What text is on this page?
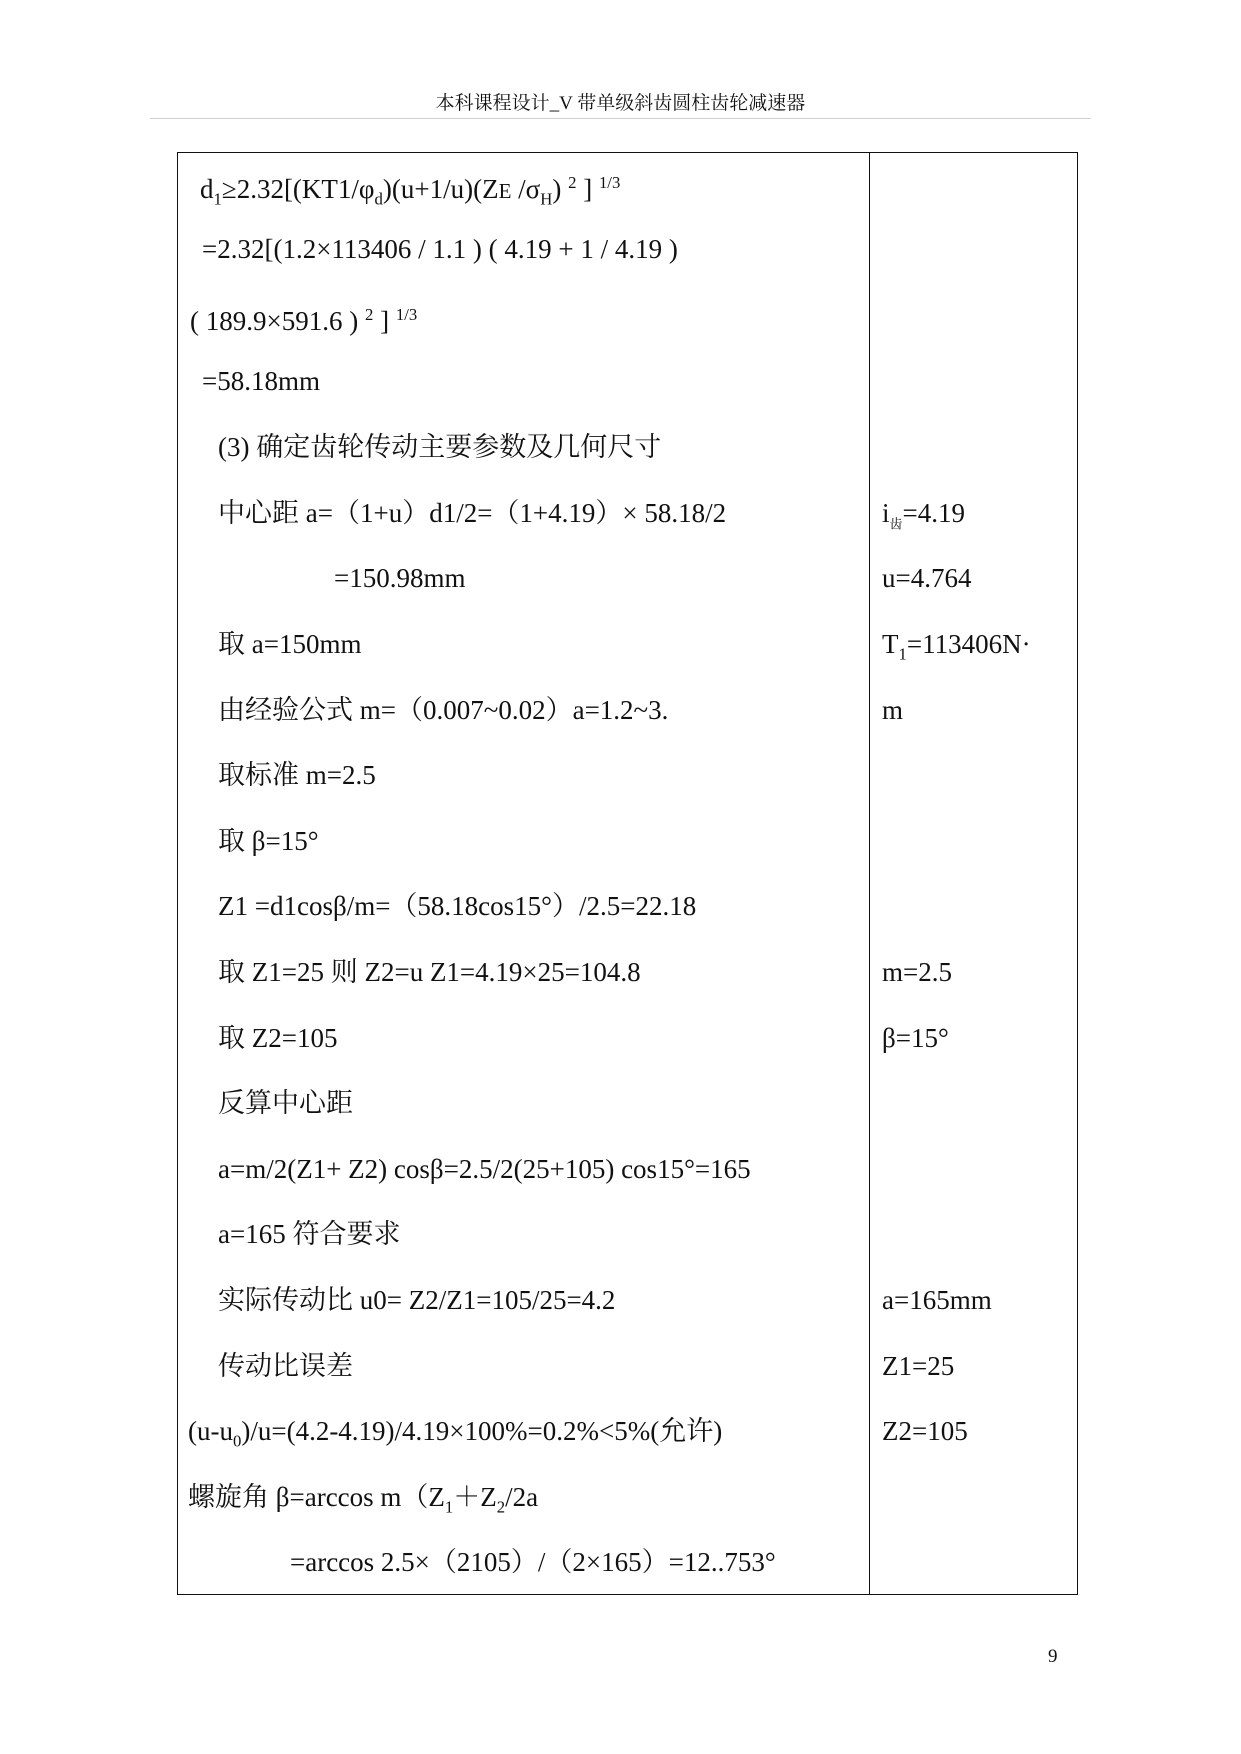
本科课程设计_V 带单级斜齿圆柱齿轮减速器
$d_1\ge 2.32[(KT1/\varphi_d)(u+1/u)(ZE$ $/\sigma_H$) $^2$ ] $^{1/3}$
=2.32[(1.2×113406 / 1.1 ) ( 4.19 + 1 / 4.19 )
( 189.9×591.6 ) $^2$ ] $^{1/3}$
=58.18mm
(3) 确定齿轮传动主要参数及几何尺寸
中心距 a=（1+u）d1/2=（1+4.19）× 58.18/2
=150.98mm
取 a=150mm
由经验公式 m=（0.007~0.02）a=1.2~3.
取标准 m=2.5
取 β=15°
Z1 =d1cosβ/m=（58.18cos15°）/2.5=22.18
取 Z1=25 则 Z2=u Z1=4.19×25=104.8
取 Z2=105
反算中心距
a=m/2(Z1+ Z2) cosβ=2.5/2(25+105) cos15°=165
a=165 符合要求
实际传动比 u0= Z2/Z1=105/25=4.2
传动比误差
$(u-u_0)/u=(4.2-4.19)/4.19\times 100\%=0.2\%<5\%$(允许)
螺旋角 β=arccos $m(Z_1+Z_2/2a$
=arccos 2.5×（2105）/（2×165）=12..753°
$i_齿=4.19$
u=4.764
$T_1=113406N\cdot$
m
m=2.5
β=15°
a=165mm
Z1=25
Z2=105
9
